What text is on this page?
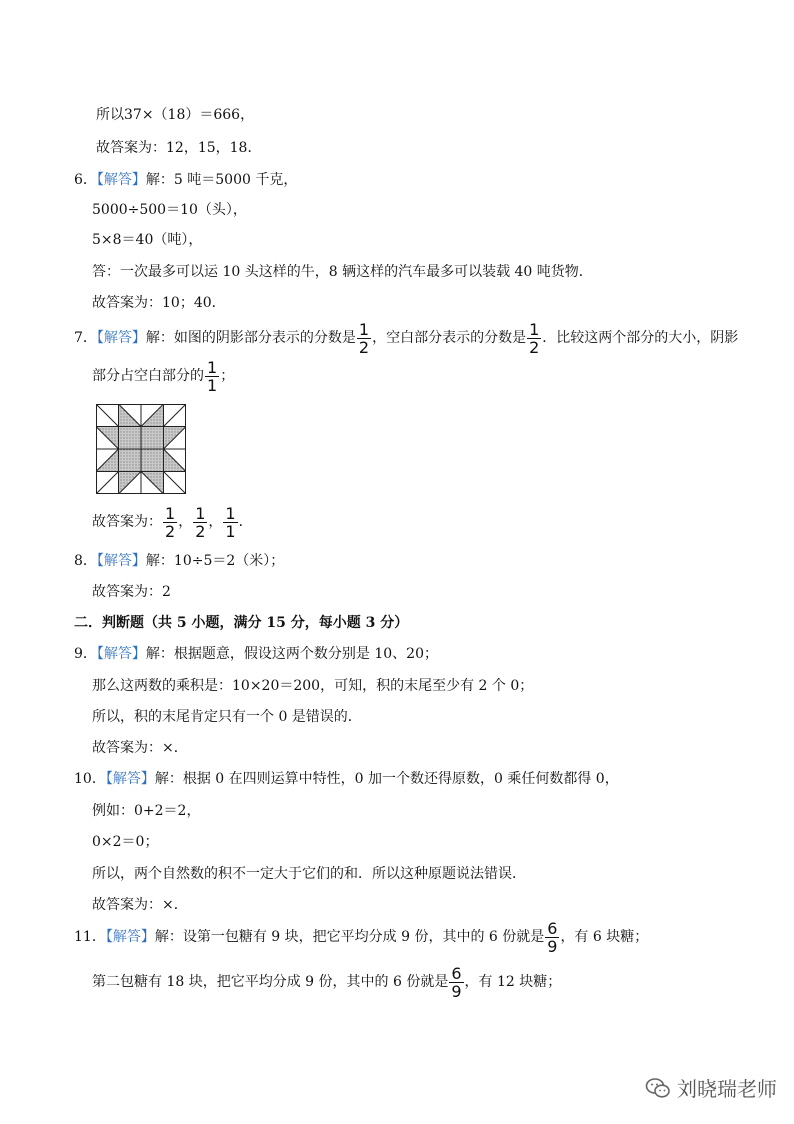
所以37×（18）＝666，
故答案为：12，15，18．
6．【解答】解：5 吨＝5000 千克，
5000÷500＝10（头），
5×8＝40（吨），
答：一次最多可以运 10 头这样的牛，8 辆这样的汽车最多可以装载 40 吨货物．
故答案为：10；40．
7．【解答】解：如图的阴影部分表示的分数是 $\frac{1}{2}$ ，空白部分表示的分数是 $\frac{1}{2}$ ．比较这两个部分的大小，阴影
部分占空白部分的 $\frac{1}{1}$ ；
故答案为： $\frac{1}{2}$ ， $\frac{1}{2}$ ， $\frac{1}{1}$ ．
8．【解答】解：10÷5＝2（米）；
故答案为：2
二．判断题（共 5 小题，满分 15 分，每小题 3 分）
9．【解答】解：根据题意，假设这两个数分别是 10、20；
那么这两数的乘积是：10×20＝200，可知，积的末尾至少有 2 个 0；
所以，积的末尾肯定只有一个 0 是错误的．
故答案为：×．
10．【解答】解：根据 0 在四则运算中特性，0 加一个数还得原数，0 乘任何数都得 0，
例如：0+2＝2，
0×2＝0；
所以，两个自然数的积不一定大于它们的和．所以这种原题说法错误．
故答案为：×．
11．【解答】解：设第一包糖有 9 块，把它平均分成 9 份，其中的 6 份就是 $\frac{6}{9}$ ，有 6 块糖；
第二包糖有 18 块，把它平均分成 9 份，其中的 6 份就是 $\frac{6}{9}$ ，有 12 块糖；
刘晓瑞老师
